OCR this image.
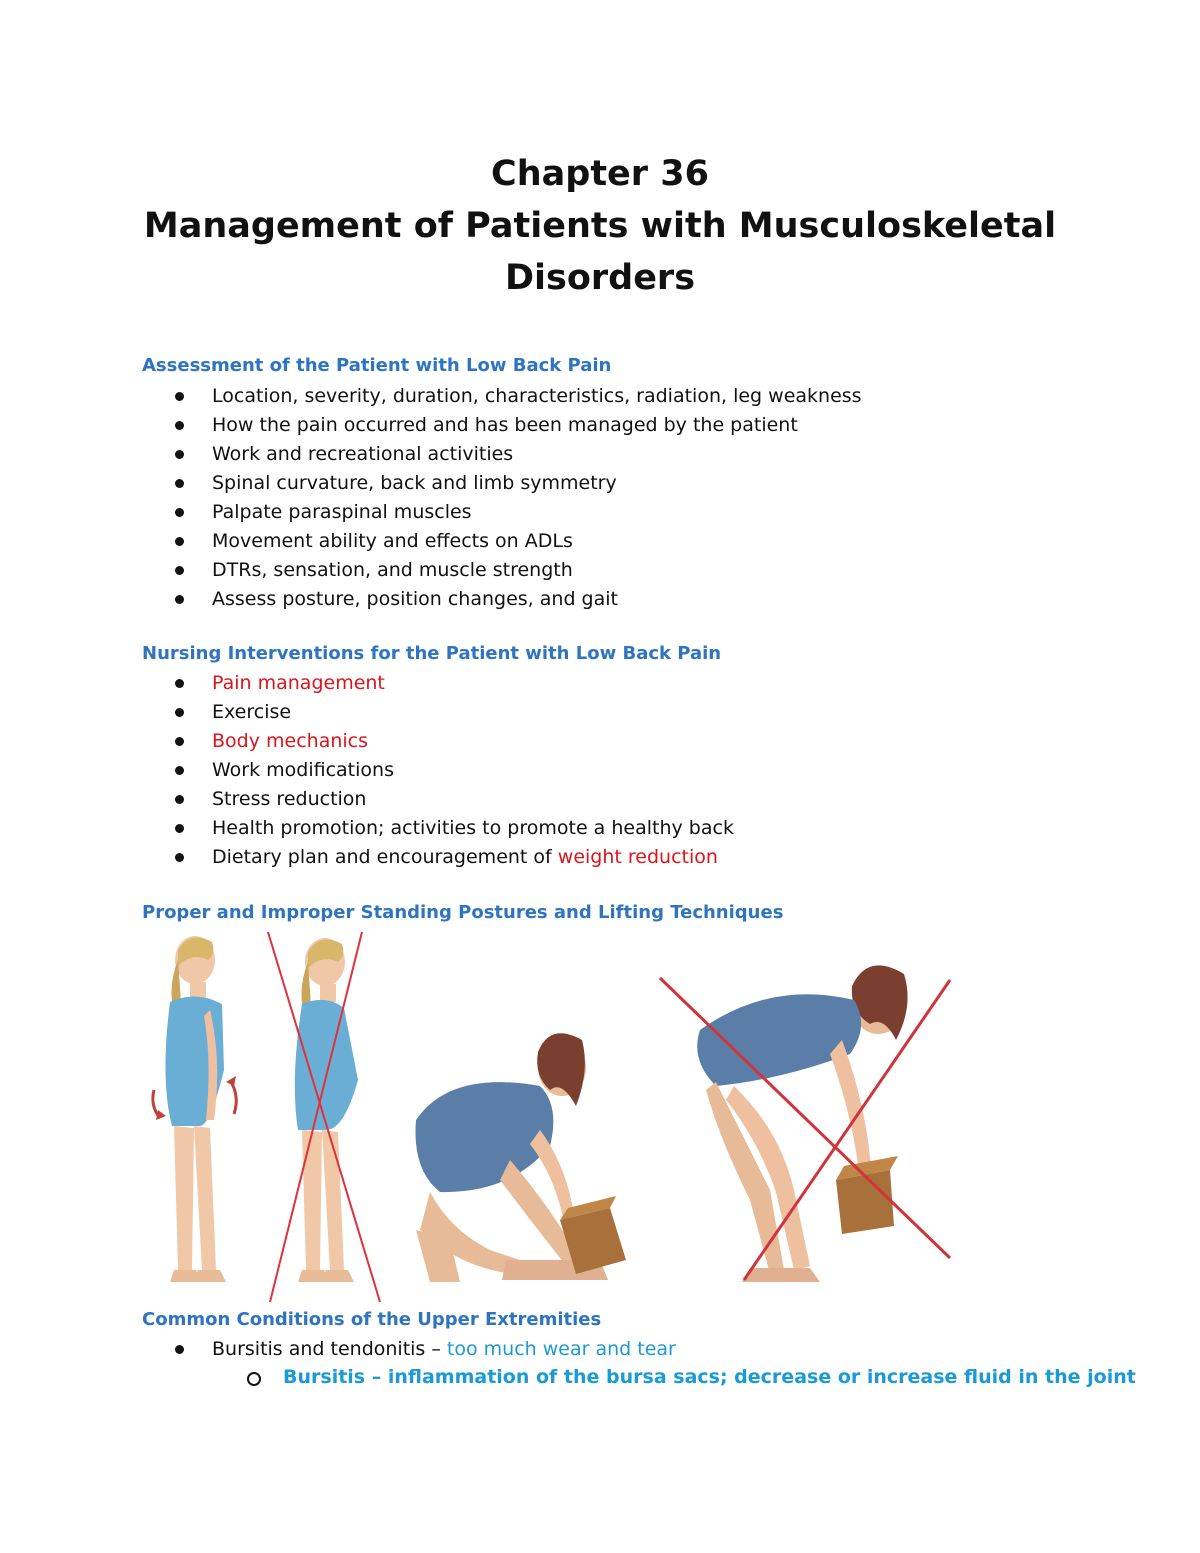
Chapter 36
Management of Patients with Musculoskeletal
Disorders
Assessment of the Patient with Low Back Pain
Location, severity, duration, characteristics, radiation, leg weakness
How the pain occurred and has been managed by the patient
Work and recreational activities
Spinal curvature, back and limb symmetry
Palpate paraspinal muscles
Movement ability and effects on ADLs
DTRs, sensation, and muscle strength
Assess posture, position changes, and gait
Nursing Interventions for the Patient with Low Back Pain
Pain management
Exercise
Body mechanics
Work modifications
Stress reduction
Health promotion; activities to promote a healthy back
Dietary plan and encouragement of weight reduction
Proper and Improper Standing Postures and Lifting Techniques
Common Conditions of the Upper Extremities
Bursitis and tendonitis – too much wear and tear
Bursitis – inflammation of the bursa sacs; decrease or increase fluid in the joint
